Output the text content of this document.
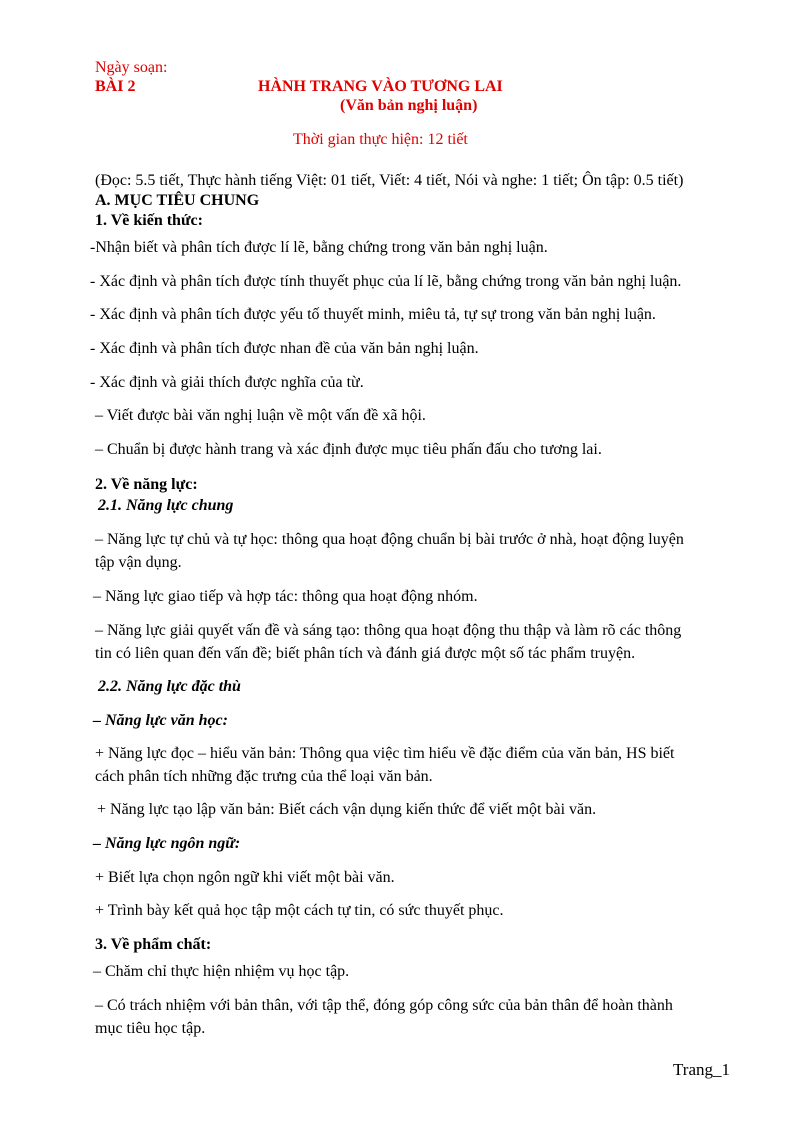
Ngày soạn:
BÀI 2	HÀNH TRANG VÀO TƯƠNG LAI
(Văn bản nghị luận)
Thời gian thực hiện: 12 tiết
(Đọc: 5.5 tiết, Thực hành tiếng Việt: 01 tiết, Viết: 4 tiết, Nói và nghe: 1 tiết; Ôn tập: 0.5 tiết)
A. MỤC TIÊU CHUNG
1. Về kiến thức:
-Nhận biết và phân tích được lí lẽ, bằng chứng trong văn bản nghị luận.
- Xác định và phân tích được tính thuyết phục của lí lẽ, bằng chứng trong văn bản nghị luận.
- Xác định và phân tích được yếu tố thuyết minh, miêu tả, tự sự trong văn bản nghị luận.
- Xác định và phân tích được nhan đề của văn bản nghị luận.
- Xác định và giải thích được nghĩa của từ.
– Viết được bài văn nghị luận về một vấn đề xã hội.
– Chuẩn bị được hành trang và xác định được mục tiêu phấn đấu cho tương lai.
2. Về năng lực:
2.1. Năng lực chung
– Năng lực tự chủ và tự học: thông qua hoạt động chuẩn bị bài trước ở nhà, hoạt động luyện
tập vận dụng.
– Năng lực giao tiếp và hợp tác: thông qua hoạt động nhóm.
– Năng lực giải quyết vấn đề và sáng tạo: thông qua hoạt động thu thập và làm rõ các thông
tin có liên quan đến vấn đề; biết phân tích và đánh giá được một số tác phẩm truyện.
2.2. Năng lực đặc thù
– Năng lực văn học:
+ Năng lực đọc – hiểu văn bản: Thông qua việc tìm hiểu về đặc điểm của văn bản, HS biết
cách phân tích những đặc trưng của thể loại văn bản.
+ Năng lực tạo lập văn bản: Biết cách vận dụng kiến thức để viết một bài văn.
– Năng lực ngôn ngữ:
+ Biết lựa chọn ngôn ngữ khi viết một bài văn.
+ Trình bày kết quả học tập một cách tự tin, có sức thuyết phục.
3. Về phẩm chất:
– Chăm chỉ thực hiện nhiệm vụ học tập.
– Có trách nhiệm với bản thân, với tập thể, đóng góp công sức của bản thân để hoàn thành
mục tiêu học tập.
Trang_1
